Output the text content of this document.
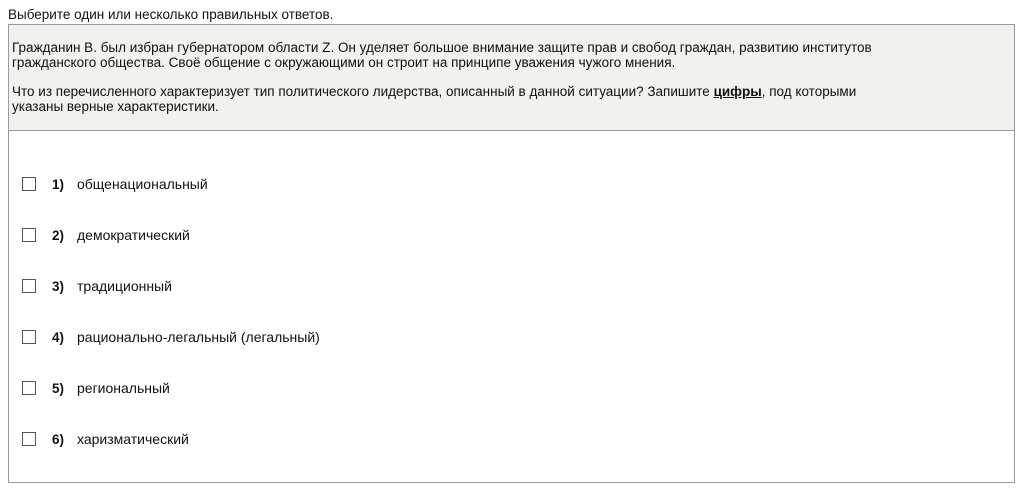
Выберите один или несколько правильных ответов.

Гражданин В. был избран губернатором области Z. Он уделяет большое внимание защите прав и свобод граждан, развитию институтов
гражданского общества. Своё общение с окружающими он строит на принципе уважения чужого мнения.

Что из перечисленного характеризует тип политического лидерства, описанный в данной ситуации? Запишите цифры, под которыми
указаны верные характеристики.

1) общенациональный
2) демократический
3) традиционный
4) рационально-легальный (легальный)
5) региональный
6) харизматический
